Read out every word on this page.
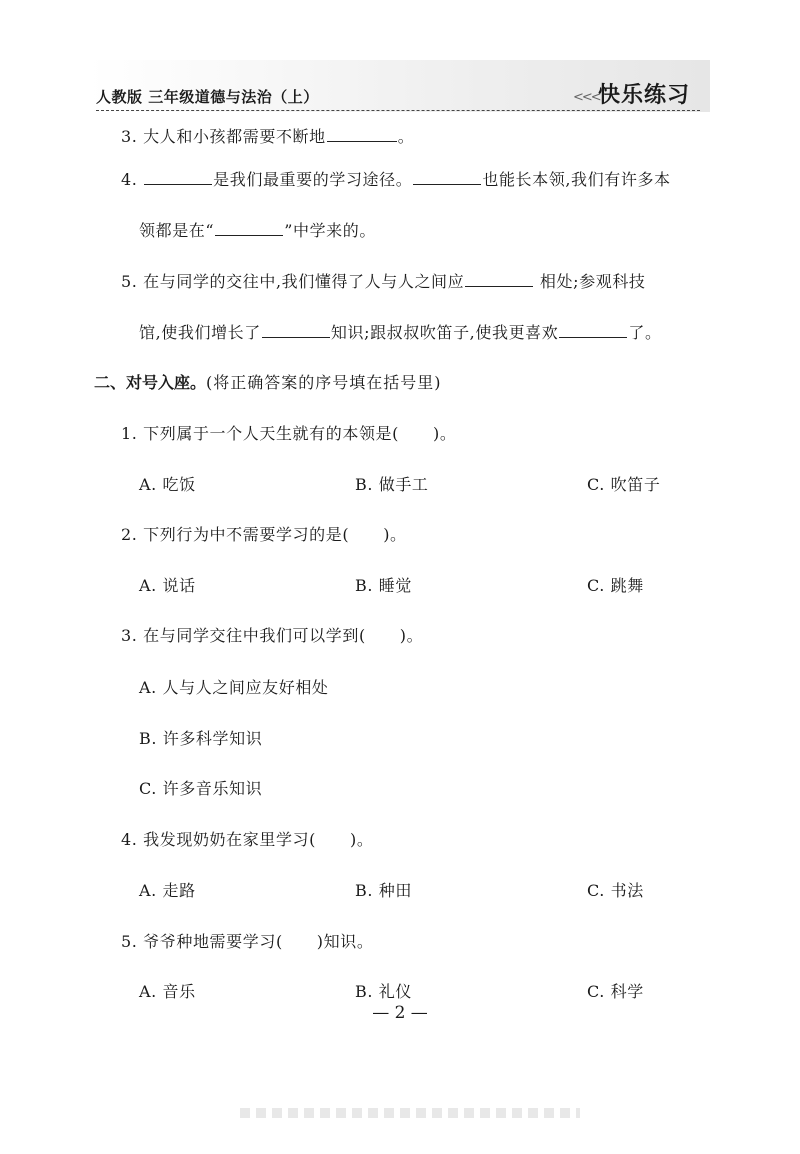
人教版 三年级道德与法治（上）	<<<
快乐练习
3. 大人和小孩都需要不断地	。
4.	是我们最重要的学习途径。	也能长本领,我们有许多本
领都是在“	”中学来的。
5. 在与同学的交往中,我们懂得了人与人之间应	相处;参观科技
馆,使我们增长了	知识;跟叔叔吹笛子,使我更喜欢	了。
二、对号入座。(将正确答案的序号填在括号里)
1. 下列属于一个人天生就有的本领是( )。
A. 吃饭	B. 做手工	C. 吹笛子
2. 下列行为中不需要学习的是( )。
A. 说话	B. 睡觉	C. 跳舞
3. 在与同学交往中我们可以学到( )。
A. 人与人之间应友好相处
B. 许多科学知识
C. 许多音乐知识
4. 我发现奶奶在家里学习( )。
A. 走路	B. 种田	C. 书法
5. 爷爷种地需要学习( )知识。
A. 音乐	B. 礼仪	C. 科学
— 2 —
